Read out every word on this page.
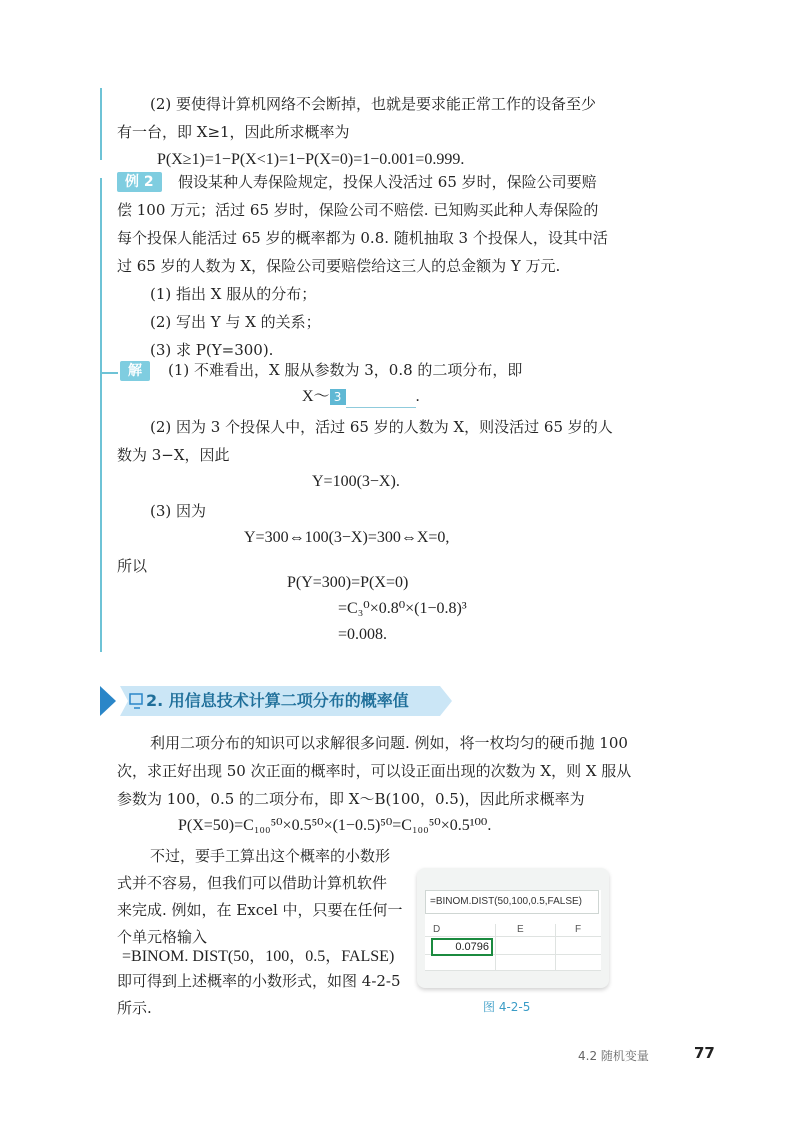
(2) 要使得计算机网络不会断掉，也就是要求能正常工作的设备至少
有一台，即 X≥1，因此所求概率为
P(X≥1)=1−P(X<1)=1−P(X=0)=1−0.001=0.999.
例 2	假设某种人寿保险规定，投保人没活过 65 岁时，保险公司要赔
偿 100 万元；活过 65 岁时，保险公司不赔偿. 已知购买此种人寿保险的
每个投保人能活过 65 岁的概率都为 0.8. 随机抽取 3 个投保人，设其中活
过 65 岁的人数为 X，保险公司要赔偿给这三人的总金额为 Y 万元.
(1) 指出 X 服从的分布；
(2) 写出 Y 与 X 的关系；
(3) 求 P(Y=300).
解	(1) 不难看出，X 服从参数为 3，0.8 的二项分布，即
X～ 3	.
(2) 因为 3 个投保人中，活过 65 岁的人数为 X，则没活过 65 岁的人
数为 3−X，因此
Y=100(3−X).
(3) 因为
Y=300⇔100(3−X)=300⇔X=0,
所以
P(Y=300)=P(X=0)
=C₃⁰×0.8⁰×(1−0.8)³
=0.008.
2. 用信息技术计算二项分布的概率值
利用二项分布的知识可以求解很多问题. 例如，将一枚均匀的硬币抛 100
次，求正好出现 50 次正面的概率时，可以设正面出现的次数为 X，则 X 服从
参数为 100，0.5 的二项分布，即 X～B(100，0.5)，因此所求概率为
P(X=50)=C₁₀₀⁵⁰×0.5⁵⁰×(1−0.5)⁵⁰=C₁₀₀⁵⁰×0.5¹⁰⁰.
不过，要手工算出这个概率的小数形
式并不容易，但我们可以借助计算机软件
来完成. 例如，在 Excel 中，只要在任何一
个单元格输入
=BINOM. DIST(50，100，0.5，FALSE)
即可得到上述概率的小数形式，如图 4-2-5
所示.
=BINOM.DIST(50,100,0.5,FALSE)
D	E	F
0.0796
图 4-2-5
4.2 随机变量	77
